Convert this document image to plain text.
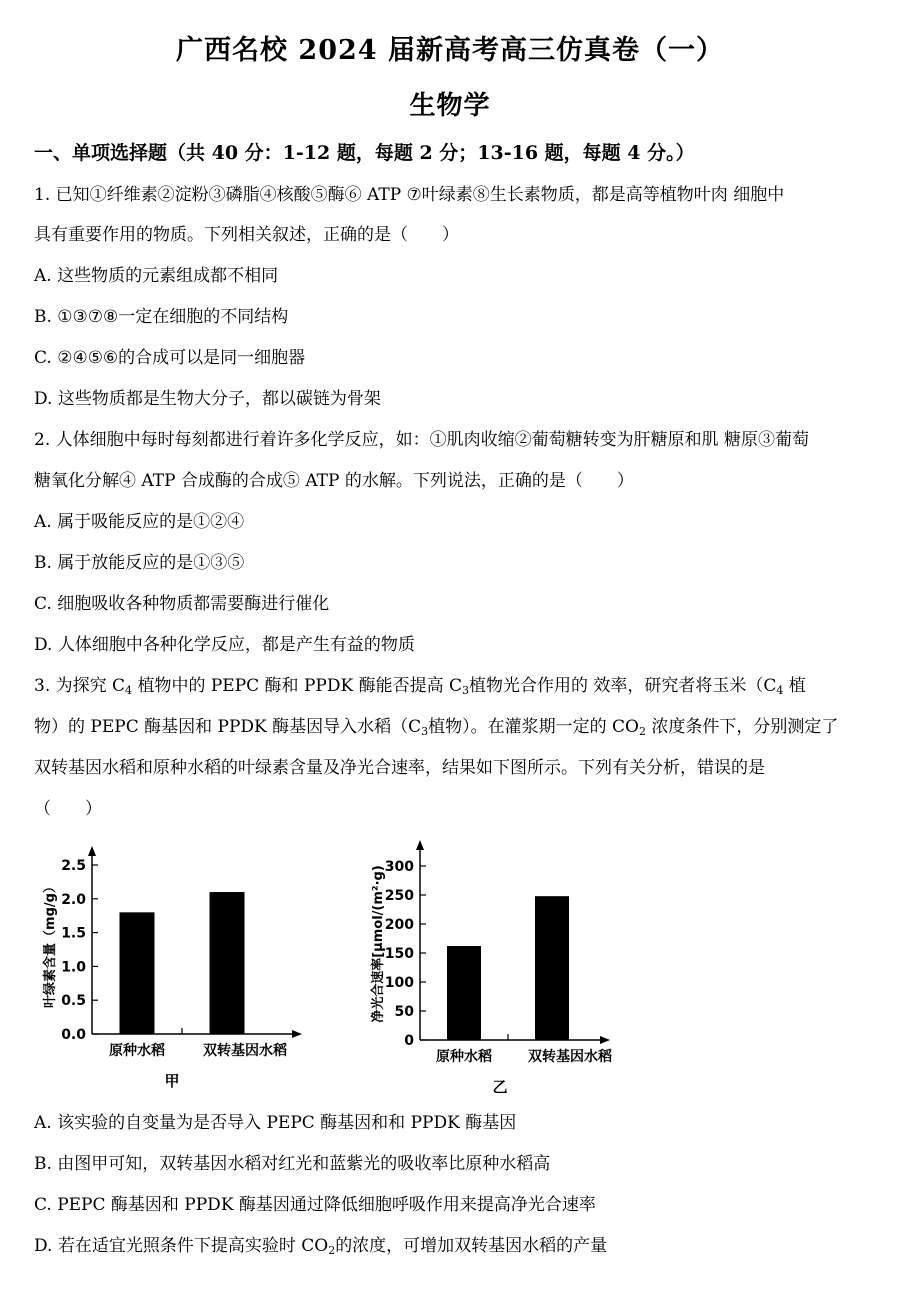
广西名校 2024 届新高考高三仿真卷（一）
生物学
一、单项选择题（共 40 分：1-12 题，每题 2 分；13-16 题，每题 4 分。）
1. 已知①纤维素②淀粉③磷脂④核酸⑤酶⑥ ATP ⑦叶绿素⑧生长素物质，都是高等植物叶肉 细胞中
具有重要作用的物质。下列相关叙述，正确的是（　　）
A. 这些物质的元素组成都不相同
B. ①③⑦⑧一定在细胞的不同结构
C. ②④⑤⑥的合成可以是同一细胞器
D. 这些物质都是生物大分子，都以碳链为骨架
2. 人体细胞中每时每刻都进行着许多化学反应，如：①肌肉收缩②葡萄糖转变为肝糖原和肌 糖原③葡萄
糖氧化分解④ ATP 合成酶的合成⑤ ATP 的水解。下列说法，正确的是（　　）
A. 属于吸能反应的是①②④
B. 属于放能反应的是①③⑤
C. 细胞吸收各种物质都需要酶进行催化
D. 人体细胞中各种化学反应，都是产生有益的物质
3. 为探究 $C_4$ 植物中的 PEPC 酶和 PPDK 酶能否提高 $C_3$植物光合作用的 效率，研究者将玉米（$C_4$ 植
物）的 PEPC 酶基因和 PPDK 酶基因导入水稻（$C_3$植物）。在灌浆期一定的 $CO_2$ 浓度条件下，分别测定了
双转基因水稻和原种水稻的叶绿素含量及净光合速率，结果如下图所示。下列有关分析，错误的是
（　　）
0.0
0.5
1.0
1.5
2.0
2.5
原种水稻	双转基因水稻
叶绿素含量（mg/g）
甲
0
50
100
150
200
250
300
原种水稻	双转基因水稻
净光合速率[μmol/(m²·g)
乙
A. 该实验的自变量为是否导入 PEPC 酶基因和和 PPDK 酶基因
B. 由图甲可知，双转基因水稻对红光和蓝紫光的吸收率比原种水稻高
C. PEPC 酶基因和 PPDK 酶基因通过降低细胞呼吸作用来提高净光合速率
D. 若在适宜光照条件下提高实验时 $CO_2$的浓度，可增加双转基因水稻的产量
